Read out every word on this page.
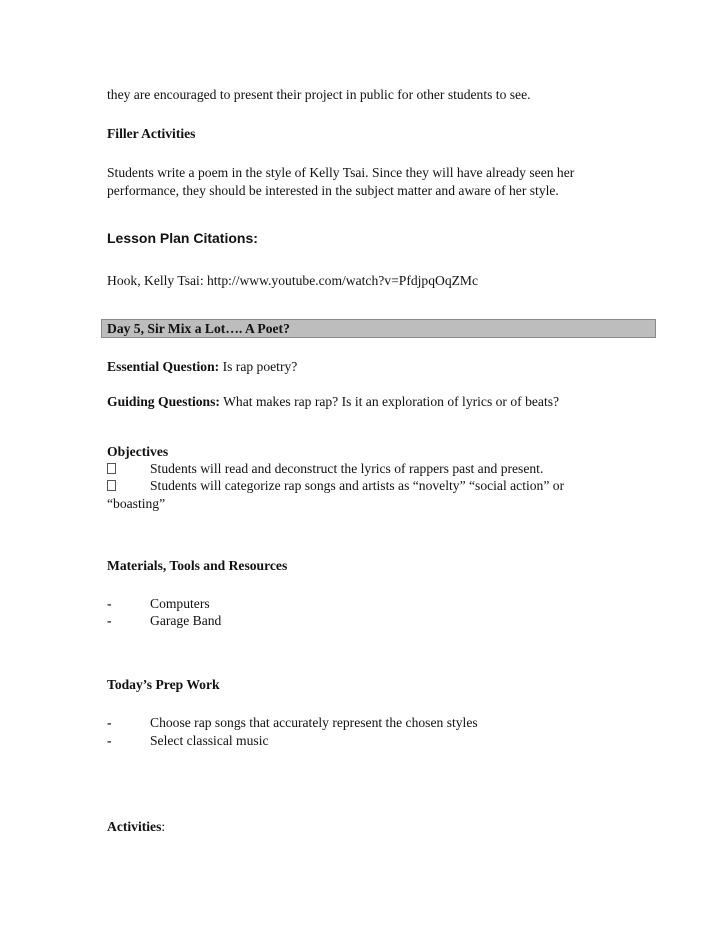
they are encouraged to present their project in public for other students to see.
Filler Activities
Students write a poem in the style of Kelly Tsai. Since they will have already seen her performance, they should be interested in the subject matter and aware of her style.
Lesson Plan Citations:
Hook, Kelly Tsai: http://www.youtube.com/watch?v=PfdjpqOqZMc
Day 5, Sir Mix a Lot…. A Poet?
Essential Question: Is rap poetry?
Guiding Questions: What makes rap rap? Is it an exploration of lyrics or of beats?
Objectives
Students will read and deconstruct the lyrics of rappers past and present.
Students will categorize rap songs and artists as “novelty” “social action” or
“boasting”
Materials, Tools and Resources
-	Computers
-	Garage Band
Today’s Prep Work
-	Choose rap songs that accurately represent the chosen styles
-	Select classical music
Activities:
